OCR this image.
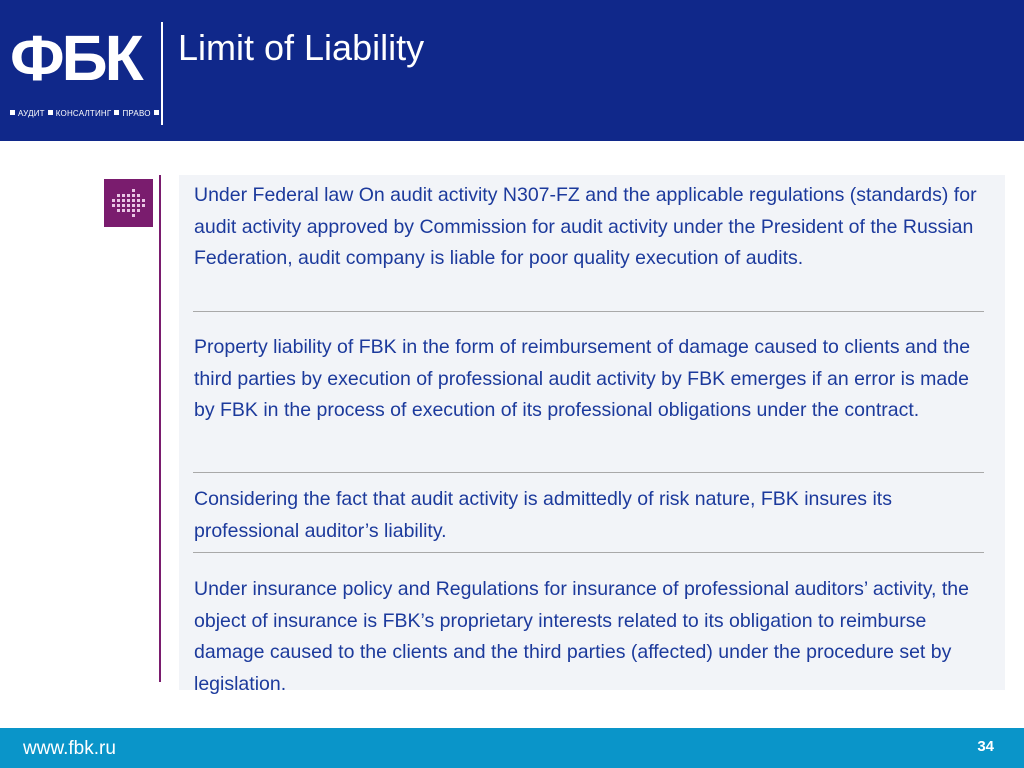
ФБК
АУДИТ КОНСАЛТИНГ ПРАВО
Limit of Liability
Under Federal law On audit activity N307-FZ and the applicable regulations (standards) for audit activity approved by Commission for audit activity under the President of the Russian Federation, audit company is liable for poor quality execution of audits.
Property liability of FBK in the form of reimbursement of damage caused to clients and the third parties by execution of professional audit activity by FBK emerges if an error is made by FBK in the process of execution of its professional obligations under the contract.
Considering the fact that audit activity is admittedly of risk nature, FBK insures its professional auditor’s liability.
Under insurance policy and Regulations for insurance of professional auditors’ activity, the object of insurance is FBK’s proprietary interests related to its obligation to reimburse damage caused to the clients and the third parties (affected) under the procedure set by legislation.
www.fbk.ru	34
